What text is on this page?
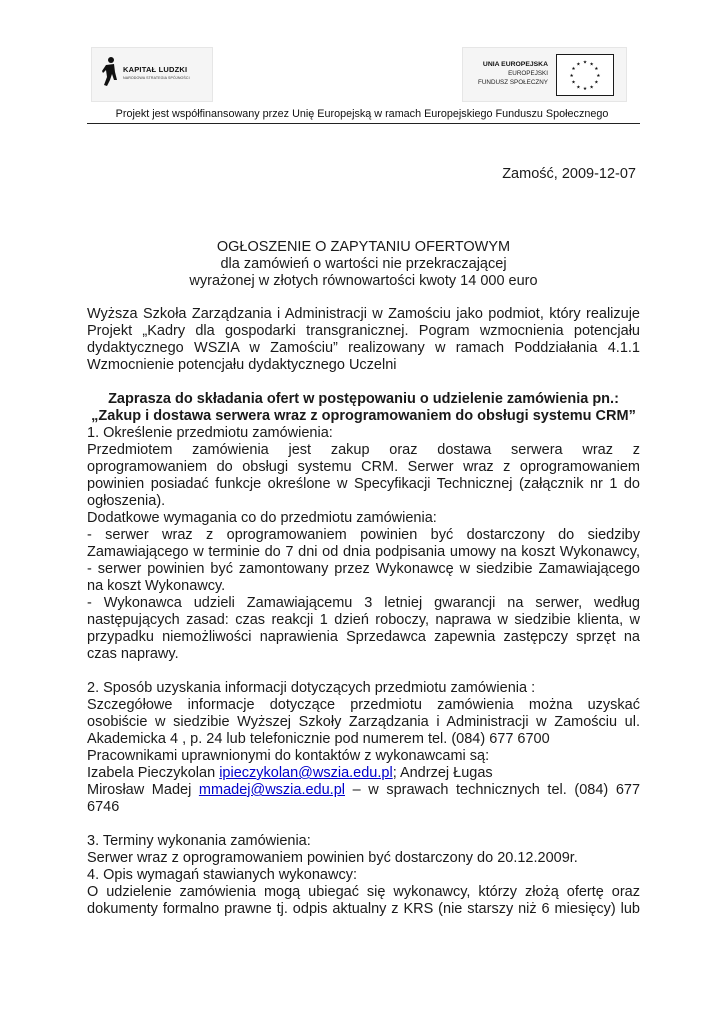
KAPITAŁ LUDZKI
NARODOWA STRATEGIA SPÓJNOŚCI
UNIA EUROPEJSKA
EUROPEJSKI
FUNDUSZ SPOŁECZNY
★ ★
★
★
★
★
★
★
★
★
★
★
Projekt jest współfinansowany przez Unię Europejską w ramach Europejskiego Funduszu Społecznego
Zamość, 2009-12-07
OGŁOSZENIE O ZAPYTANIU OFERTOWYM
dla zamówień o wartości nie przekraczającej
wyrażonej w złotych równowartości kwoty 14 000 euro
Wyższa Szkoła Zarządzania i Administracji w Zamościu jako podmiot, który realizuje
Projekt „Kadry dla gospodarki transgranicznej. Pogram wzmocnienia potencjału
dydaktycznego WSZIA w Zamościu” realizowany w ramach Poddziałania 4.1.1
Wzmocnienie potencjału dydaktycznego Uczelni
Zaprasza do składania ofert w postępowaniu o udzielenie zamówienia pn.:
„Zakup i dostawa serwera wraz z oprogramowaniem do obsługi systemu CRM”
1. Określenie przedmiotu zamówienia:
Przedmiotem zamówienia jest zakup oraz dostawa serwera wraz z
oprogramowaniem do obsługi systemu CRM. Serwer wraz z oprogramowaniem
powinien posiadać funkcje określone w Specyfikacji Technicznej (załącznik nr 1 do
ogłoszenia).
Dodatkowe wymagania co do przedmiotu zamówienia:
- serwer wraz z oprogramowaniem powinien być dostarczony do siedziby
Zamawiającego w terminie do 7 dni od dnia podpisania umowy na koszt Wykonawcy,
- serwer powinien być zamontowany przez Wykonawcę w siedzibie Zamawiającego
na koszt Wykonawcy.
- Wykonawca udzieli Zamawiającemu 3 letniej gwarancji na serwer, według
następujących zasad: czas reakcji 1 dzień roboczy, naprawa w siedzibie klienta, w
przypadku niemożliwości naprawienia Sprzedawca zapewnia zastępczy sprzęt na
czas naprawy.
2. Sposób uzyskania informacji dotyczących przedmiotu zamówienia :
Szczegółowe informacje dotyczące przedmiotu zamówienia można uzyskać
osobiście w siedzibie Wyższej Szkoły Zarządzania i Administracji w Zamościu ul.
Akademicka 4 , p. 24 lub telefonicznie pod numerem tel. (084) 677 6700
Pracownikami uprawnionymi do kontaktów z wykonawcami są:
Izabela Pieczykolan ipieczykolan@wszia.edu.pl; Andrzej Ługas
Mirosław Madej mmadej@wszia.edu.pl – w sprawach technicznych tel. (084) 677
6746
3. Terminy wykonania zamówienia:
Serwer wraz z oprogramowaniem powinien być dostarczony do 20.12.2009r.
4. Opis wymagań stawianych wykonawcy:
O udzielenie zamówienia mogą ubiegać się wykonawcy, którzy złożą ofertę oraz
dokumenty formalno prawne tj. odpis aktualny z KRS (nie starszy niż 6 miesięcy) lub
